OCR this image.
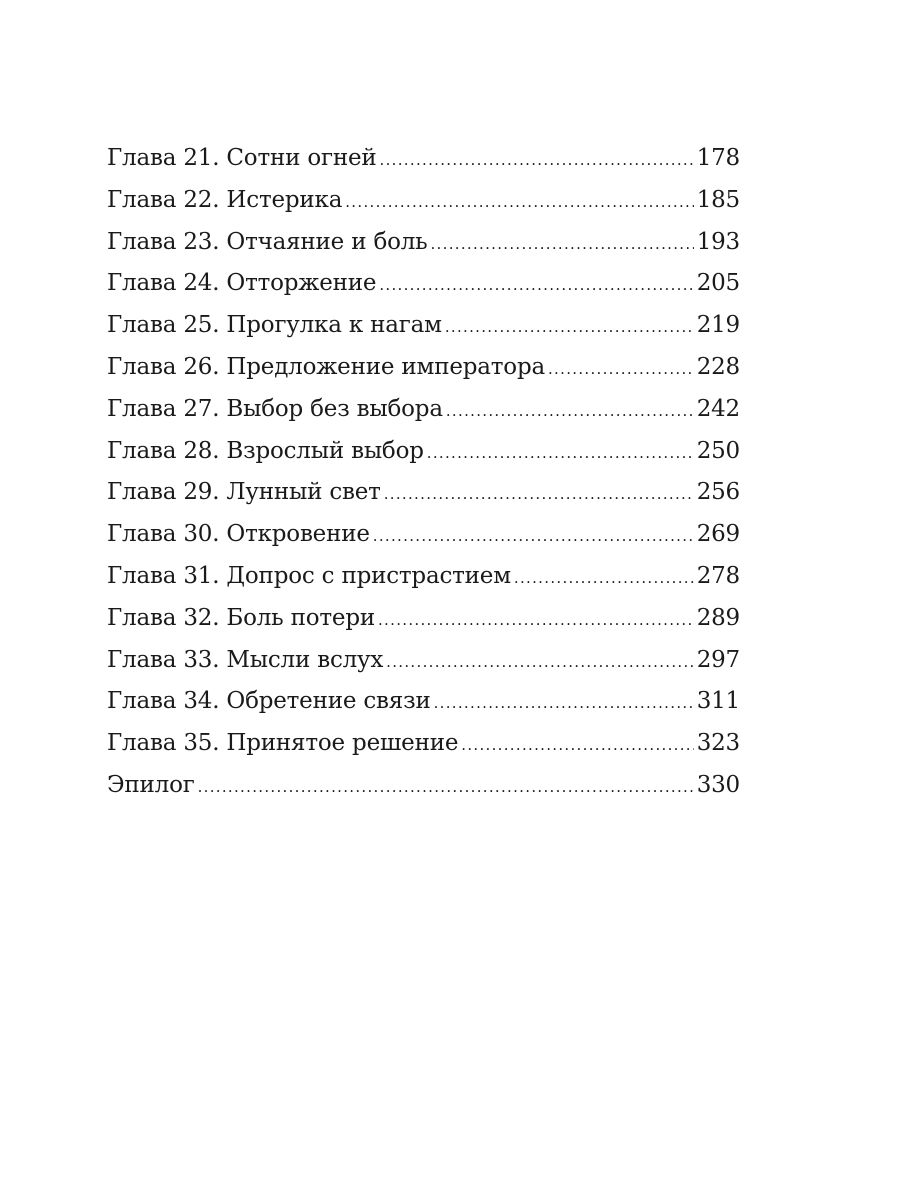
Глава 21. Сотни огней .....	178
Глава 22. Истерика .....	185
Глава 23. Отчаяние и боль .....	193
Глава 24. Отторжение .....	205
Глава 25. Прогулка к нагам .....	219
Глава 26. Предложение императора .....	228
Глава 27. Выбор без выбора .....	242
Глава 28. Взрослый выбор .....	250
Глава 29. Лунный свет .....	256
Глава 30. Откровение .....	269
Глава 31. Допрос с пристрастием .....	278
Глава 32. Боль потери .....	289
Глава 33. Мысли вслух .....	297
Глава 34. Обретение связи .....	311
Глава 35. Принятое решение .....	323
Эпилог .....	330
